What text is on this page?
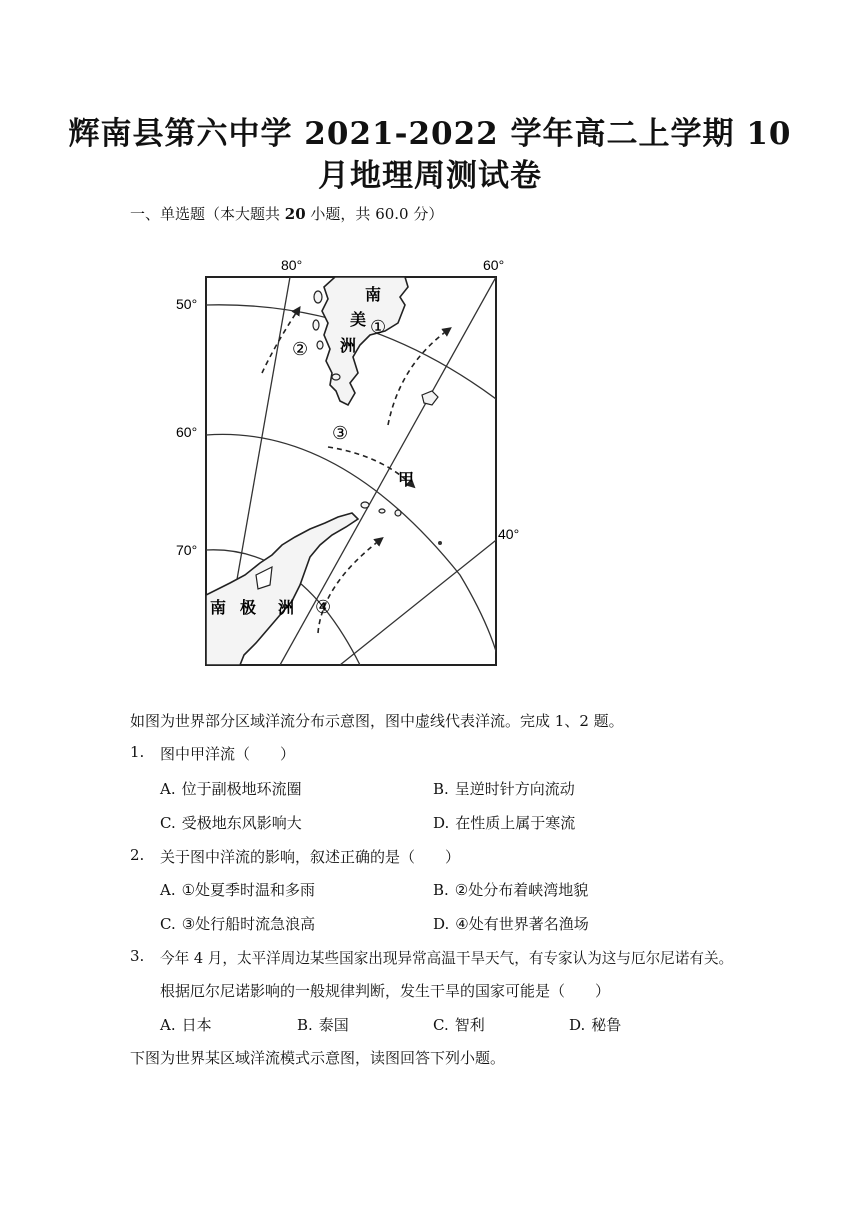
辉南县第六中学 2021-2022 学年高二上学期 10
月地理周测试卷
一、单选题（本大题共 20 小题，共 60.0 分）
80°	60°
40°
50°
60°
70°
南
美
洲
南 极 洲
甲
①
②
③
④
如图为世界部分区域洋流分布示意图，图中虚线代表洋流。完成 1、2 题。
1. 图中甲洋流（　　）
A. 位于副极地环流圈	B. 呈逆时针方向流动
C. 受极地东风影响大	D. 在性质上属于寒流
2. 关于图中洋流的影响，叙述正确的是（　　）
A. ①处夏季时温和多雨	B. ②处分布着峡湾地貌
C. ③处行船时流急浪高	D. ④处有世界著名渔场
3. 今年 4 月，太平洋周边某些国家出现异常高温干旱天气，有专家认为这与厄尔尼诺有关。
根据厄尔尼诺影响的一般规律判断，发生干旱的国家可能是（　　）
A. 日本	B. 泰国	C. 智利	D. 秘鲁
下图为世界某区域洋流模式示意图，读图回答下列小题。
